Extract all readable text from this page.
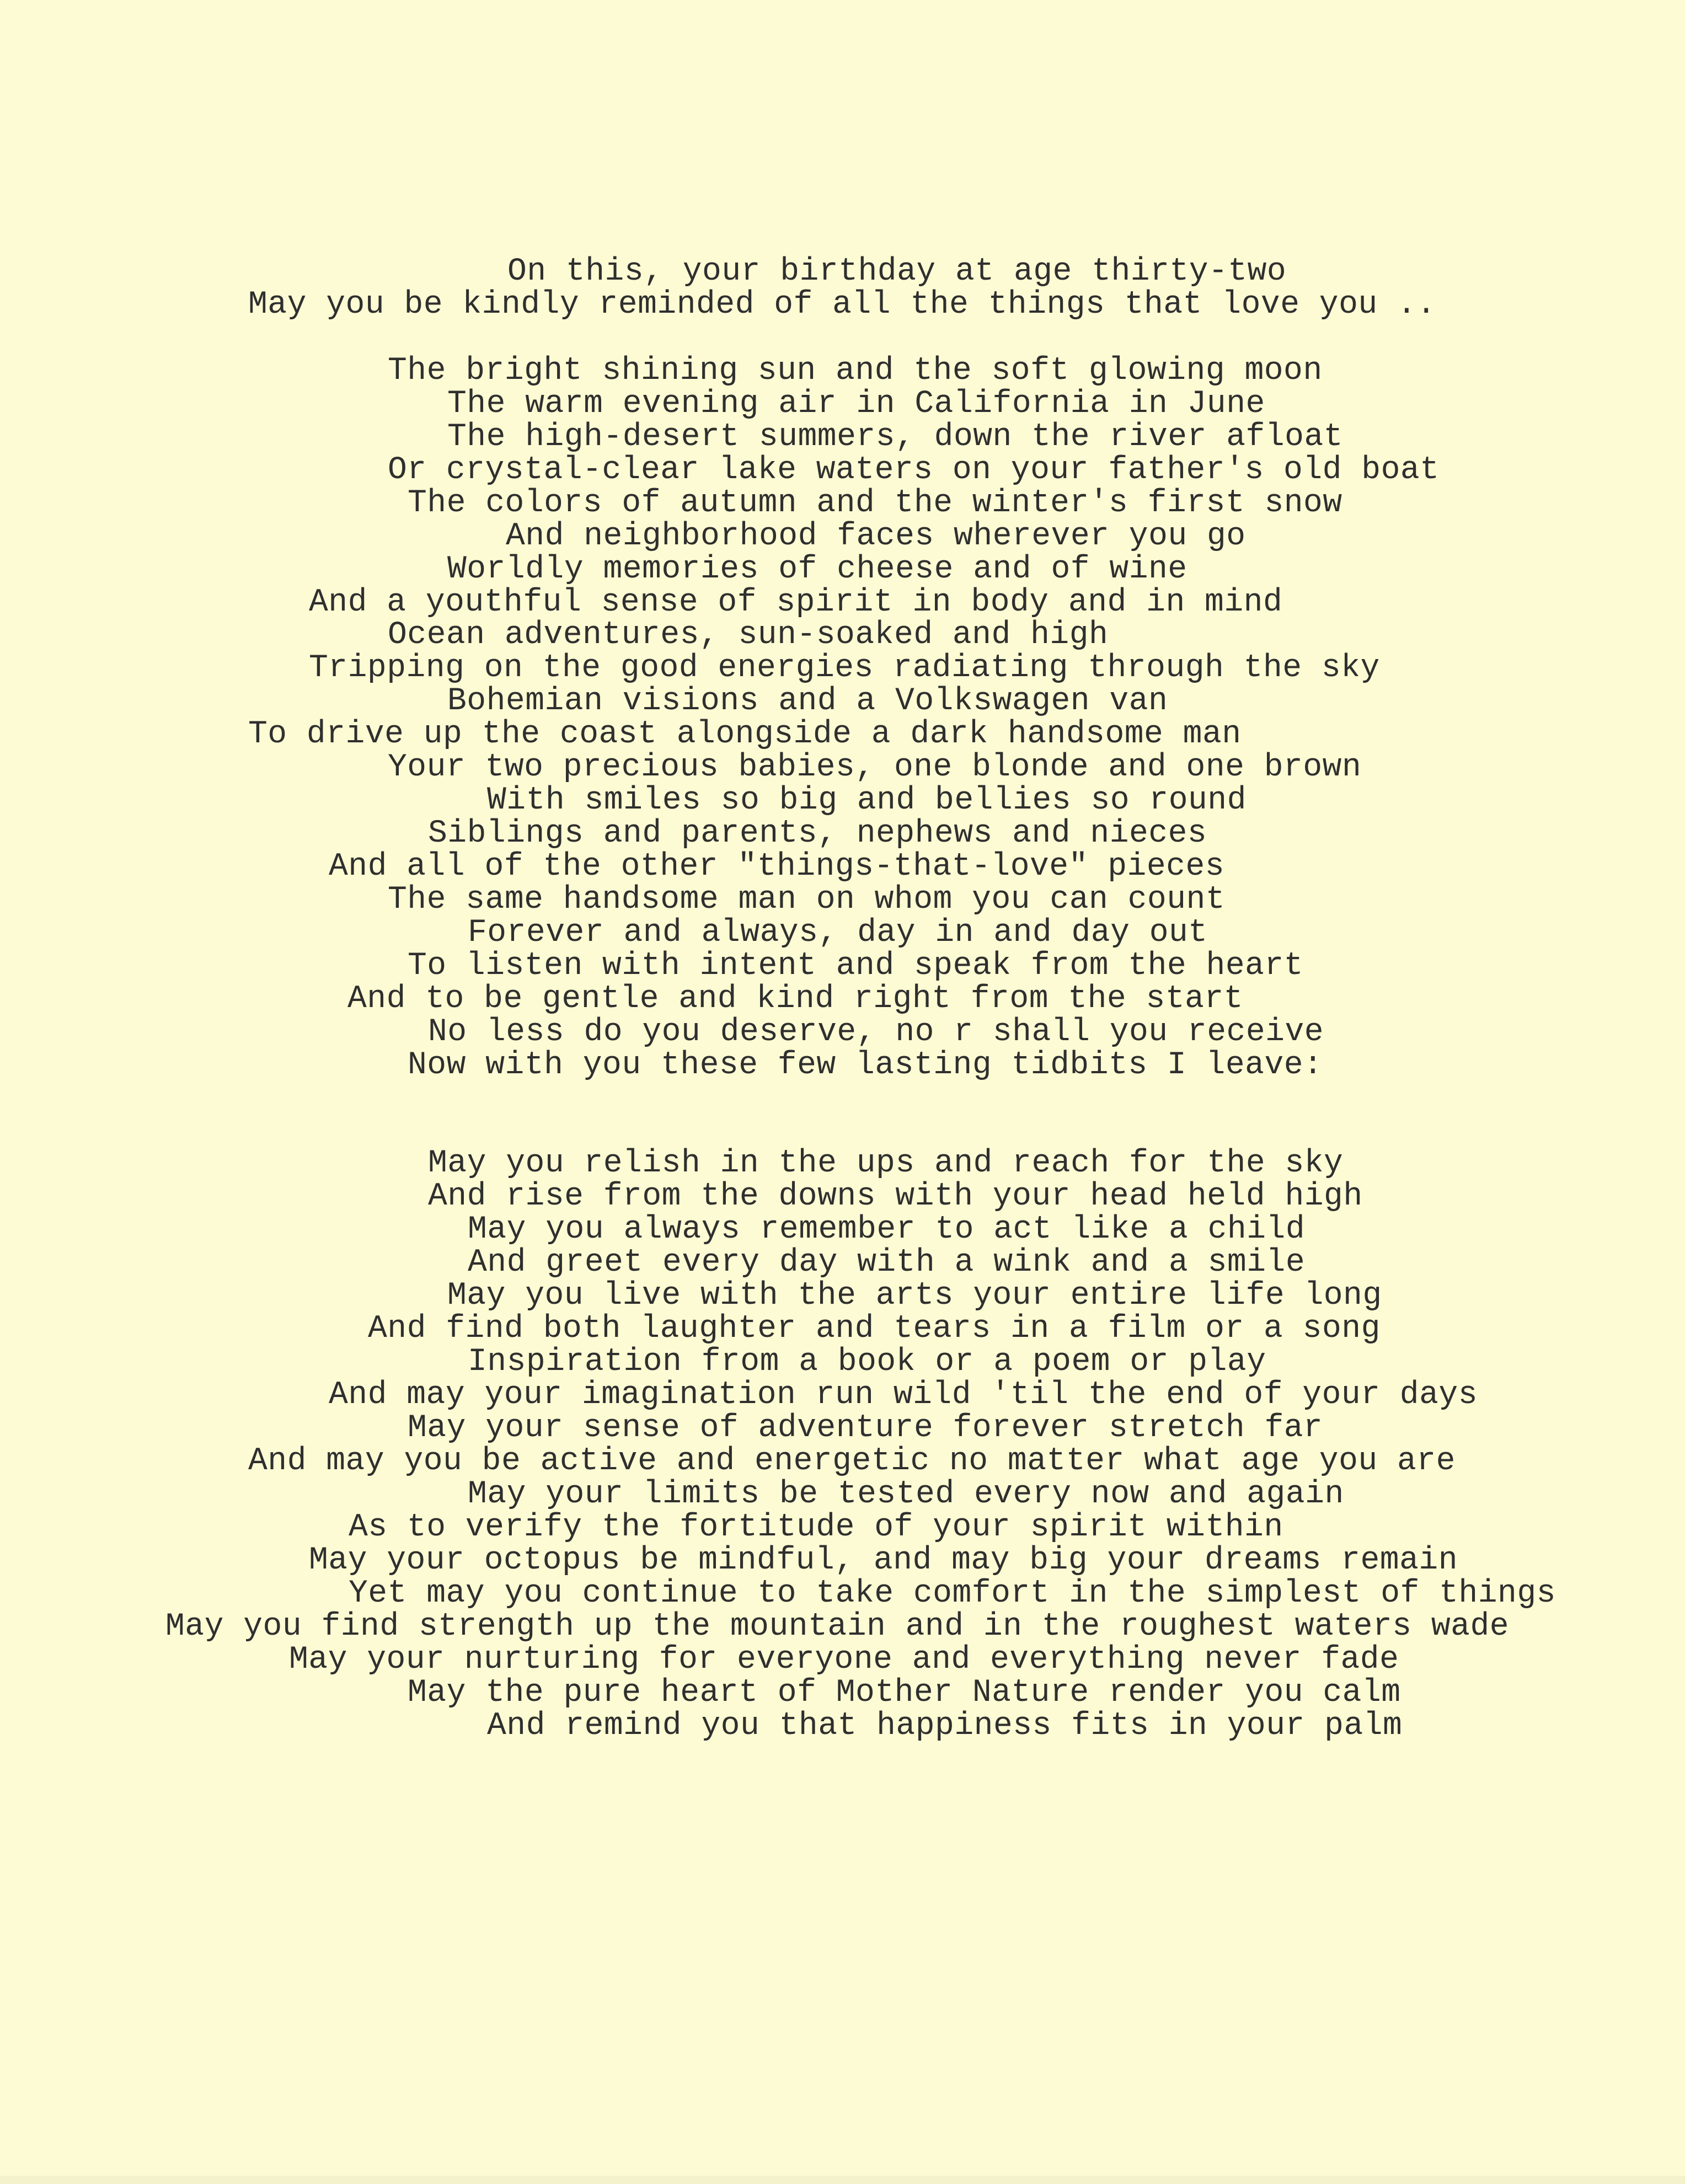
On this, your birthday at age thirty-two
May you be kindly reminded of all the things that love you ..
The bright shining sun and the soft glowing moon
The warm evening air in California in June
The high-desert summers, down the river afloat
Or crystal-clear lake waters on your father's old boat
The colors of autumn and the winter's first snow
And neighborhood faces wherever you go
Worldly memories of cheese and of wine
And a youthful sense of spirit in body and in mind
Ocean adventures, sun-soaked and high
Tripping on the good energies radiating through the sky
Bohemian visions and a Volkswagen van
To drive up the coast alongside a dark handsome man
Your two precious babies, one blonde and one brown
With smiles so big and bellies so round
Siblings and parents, nephews and nieces
And all of the other "things-that-love" pieces
The same handsome man on whom you can count
Forever and always, day in and day out
To listen with intent and speak from the heart
And to be gentle and kind right from the start
No less do you deserve, no r shall you receive
Now with you these few lasting tidbits I leave:
May you relish in the ups and reach for the sky
And rise from the downs with your head held high
May you always remember to act like a child
And greet every day with a wink and a smile
May you live with the arts your entire life long
And find both laughter and tears in a film or a song
Inspiration from a book or a poem or play
And may your imagination run wild 'til the end of your days
May your sense of adventure forever stretch far
And may you be active and energetic no matter what age you are
May your limits be tested every now and again
As to verify the fortitude of your spirit within
May your octopus be mindful, and may big your dreams remain
Yet may you continue to take comfort in the simplest of things
May you find strength up the mountain and in the roughest waters wade
May your nurturing for everyone and everything never fade
May the pure heart of Mother Nature render you calm
And remind you that happiness fits in your palm
